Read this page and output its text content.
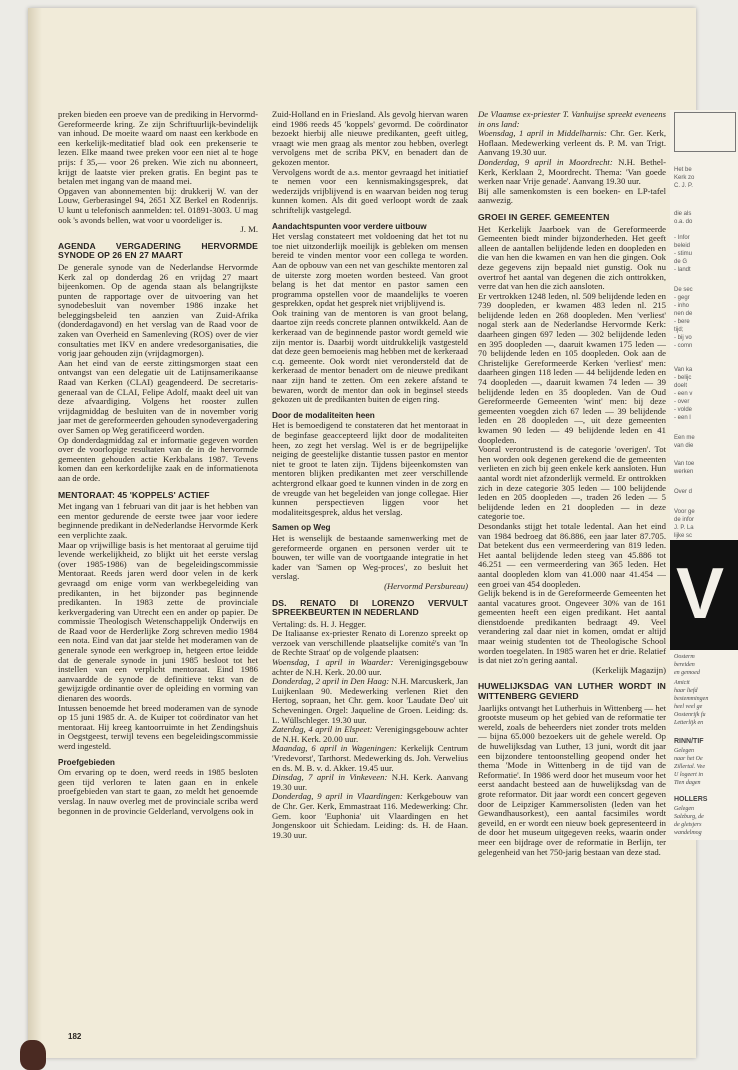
preken bieden een proeve van de prediking in Hervormd-Gereformeerde kring. Ze zijn Schriftuurlijk-bevindelijk van inhoud. De moeite waard om naast een kerkbode en een kerkelijk-meditatief blad ook een prekenserie te lezen. Elke maand twee preken voor een niet al te hoge prijs: f 35,— voor 26 preken. Wie zich nu abonneert, krijgt de laatste vier preken gratis. En begint pas te betalen met ingang van de maand mei.

Opgaven van abonnementen bij: drukkerij W. van der Louw, Gerberasingel 94, 2651 XZ Berkel en Rodenrijs. U kunt u telefonisch aanmelden: tel. 01891-3003. U mag ook 's avonds bellen, wat voor u voordeliger is.

J. M.

AGENDA VERGADERING HERVORMDE SYNODE OP 26 EN 27 MAART

De generale synode van de Nederlandse Hervormde Kerk zal op donderdag 26 en vrijdag 27 maart bijeenkomen. Op de agenda staan als belangrijkste punten de rapportage over de uitvoering van het synodebesluit van november 1986 inzake het beleggingsbeleid ten aanzien van Zuid-Afrika (donderdagavond) en het verslag van de Raad voor de zaken van Overheid en Samenleving (ROS) over de vier consultaties met IKV en andere vredesorganisaties, die vorig jaar gehouden zijn (vrijdagmorgen).

Aan het eind van de eerste zittingsmorgen staat een ontvangst van een delegatie uit de Latijnsamerikaanse Raad van Kerken (CLAI) geagendeerd. De secretaris-generaal van de CLAI, Felipe Adolf, maakt deel uit van deze afvaardiging. Volgens het rooster zullen vrijdagmiddag de besluiten van de in november vorig jaar met de gereformeerden gehouden synodevergadering over Samen op Weg geratificeerd worden.

Op donderdagmiddag zal er informatie gegeven worden over de voorlopige resultaten van de in de hervormde gemeenten gehouden actie Kerkbalans 1987. Tevens komen dan een kerkordelijke zaak en de informatienota aan de orde.

MENTORAAT: 45 'KOPPELS' ACTIEF

Met ingang van 1 februari van dit jaar is het hebben van een mentor gedurende de eerste twee jaar voor iedere beginnende predikant in deNederlandse Hervormde Kerk een verplichte zaak.

Maar op vrijwillige basis is het mentoraat al geruime tijd levende werkelijkheid, zo blijkt uit het eerste verslag (over 1985-1986) van de begeleidingscommissie Mentoraat. Reeds jaren werd door velen in de kerk gevraagd om enige vorm van werkbegeleiding van predikanten, in het bijzonder pas beginnende predikanten. In 1983 zette de provinciale kerkvergadering van Utrecht een en ander op papier. De commissie Theologisch Wetenschappelijk Onderwijs en de Raad voor de Herderlijke Zorg schreven medio 1984 een nota. Eind van dat jaar stelde het moderamen van de generale synode een werkgroep in, hetgeen ertoe leidde dat de generale synode in juni 1985 besloot tot het instellen van een verplicht mentoraat. Eind 1986 aanvaardde de synode de definitieve tekst van de gewijzigde ordinantie over de opleiding en vorming van dienaren des woords.

Intussen benoemde het breed moderamen van de synode op 15 juni 1985 dr. A. de Kuiper tot coördinator van het mentoraat. Hij kreeg kantoorruimte in het Zendingshuis in Oegstgeest, terwijl tevens een begeleidingscommissie werd ingesteld.

Proefgebieden

Om ervaring op te doen, werd reeds in 1985 besloten geen tijd verloren te laten gaan en in enkele proefgebieden van start te gaan, zo meldt het genoemde verslag. In nauw overleg met de provinciale scriba werd begonnen in de provincie Gelderland, vervolgens ook in

Zuid-Holland en in Friesland. Als gevolg hiervan waren eind 1986 reeds 45 'koppels' gevormd. De coördinator bezoekt hierbij alle nieuwe predikanten, geeft uitleg, vraagt wie men graag als mentor zou hebben, overlegt vervolgens met de scriba PKV, en benadert dan de gekozen mentor.

Vervolgens wordt de a.s. mentor gevraagd het initiatief te nemen voor een kennismakingsgesprek, dat wederzijds vrijblijvend is en waarvan beiden nog terug kunnen komen. Als dit goed verloopt wordt de zaak schriftelijk vastgelegd.

Aandachtspunten voor verdere uitbouw

Het verslag constateert met voldoening dat het tot nu toe niet uitzonderlijk moeilijk is gebleken om mensen bereid te vinden mentor voor een collega te worden. Aan de opbouw van een net van geschikte mentoren zal de uiterste zorg moeten worden besteed. Van groot belang is het dat mentor en pastor samen een programma opstellen voor de maandelijks te voeren gesprekken, opdat het gesprek niet vrijblijvend is.

Ook training van de mentoren is van groot belang, daartoe zijn reeds concrete plannen ontwikkeld. Aan de kerkeraad van de beginnende pastor wordt gemeld wie zijn mentor is. Daarbij wordt uitdrukkelijk vastgesteld dat deze geen bemoeienis mag hebben met de kerkeraad c.q. gemeente. Ook wordt niet verondersteld dat de kerkeraad de mentor benadert om de nieuwe predikant naar zijn hand te zetten. Om een zekere afstand te bewaren, wordt de mentor dan ook in beginsel steeds gekozen uit de predikanten buiten de eigen ring.

Door de modaliteiten heen

Het is bemoedigend te constateren dat het mentoraat in de beginfase geaccepteerd lijkt door de modaliteiten heen, zo zegt het verslag. Wel is er de begrijpelijke neiging de geestelijke distantie tussen pastor en mentor niet te groot te laten zijn. Tijdens bijeenkomsten van mentoren blijken predikanten met zeer verschillende achtergrond elkaar goed te kunnen vinden in de zorg en de vreugde van het begeleiden van jonge collegae. Hier kunnen perspectieven liggen voor het modaliteitsgesprek, aldus het verslag.

Samen op Weg

Het is wenselijk de bestaande samenwerking met de gereformeerde organen en personen verder uit te bouwen, ter wille van de voortgaande integratie in het kader van 'Samen op Weg-proces', zo besluit het verslag.

(Hervormd Persbureau)

DS. RENATO DI LORENZO VERVULT SPREEKBEURTEN IN NEDERLAND

Vertaling: ds. H. J. Hegger.

De Italiaanse ex-priester Renato di Lorenzo spreekt op verzoek van verschillende plaatselijke comité's van 'In de Rechte Straat' op de volgende plaatsen:

Woensdag, 1 april in Waarder: Verenigingsgebouw achter de N.H. Kerk. 20.00 uur.

Donderdag, 2 april in Den Haag: N.H. Marcuskerk, Jan Luijkenlaan 90. Medewerking verlenen Riet den Hertog, sopraan, het Chr. gem. koor 'Laudate Deo' uit Scheveningen. Orgel: Jaqueline de Groen. Leiding: ds. L. Wüllschleger. 19.30 uur.

Zaterdag, 4 april in Elspeet: Verenigingsgebouw achter de N.H. Kerk. 20.00 uur.

Maandag, 6 april in Wageningen: Kerkelijk Centrum 'Vredevorst', Tarthorst. Medewerking ds. Joh. Verwelius en ds. M. B. v. d. Akker. 19.45 uur.

Dinsdag, 7 april in Vinkeveen: N.H. Kerk. Aanvang 19.30 uur.

Donderdag, 9 april in Vlaardingen: Kerkgebouw van de Chr. Ger. Kerk, Emmastraat 116. Medewerking: Chr. Gem. koor 'Euphonia' uit Vlaardingen en het Jongenskoor uit Schiedam. Leiding: ds. H. de Haan. 19.30 uur.

De Vlaamse ex-priester T. Vanhuijse spreekt eveneens in ons land:

Woensdag, 1 april in Middelharnis: Chr. Ger. Kerk, Hoflaan. Medewerking verleent ds. P. M. van Trigt. Aanvang 19.30 uur.

Donderdag, 9 april in Moordrecht: N.H. Bethel-Kerk, Kerklaan 2, Moordrecht. Thema: 'Van goede werken naar Vrije genade'. Aanvang 19.30 uur.

Bij alle samenkomsten is een boeken- en LP-tafel aanwezig.

GROEI IN GEREF. GEMEENTEN

Het Kerkelijk Jaarboek van de Gereformeerde Gemeenten biedt minder bijzonderheden. Het geeft alleen de aantallen belijdende leden en doopleden en die van hen die kwamen en van hen die gingen. Ook deze gegevens zijn bepaald niet gunstig. Ook nu overtrof het aantal van degenen die zich onttrokken, verre dat van hen die zich aansloten.

Er vertrokken 1248 leden, nl. 509 belijdende leden en 739 doopleden, er kwamen 483 leden nl. 215 belijdende leden en 268 doopleden. Men 'verliest' nogal sterk aan de Nederlandse Hervormde Kerk: daarheen gingen 697 leden — 302 belijdende leden en 395 doopleden —, daaruit kwamen 175 leden — 70 belijdende leden en 105 doopleden. Ook aan de Christelijke Gereformeerde Kerken 'verliest' men: daarheen gingen 118 leden — 44 belijdende leden en 74 doopleden —, daaruit kwamen 74 leden — 39 belijdende leden en 35 doopleden. Van de Oud Gereformeerde Gemeenten 'wint' men: bij deze gemeenten voegden zich 67 leden — 39 belijdende leden en 28 doopleden —, uit deze gemeenten kwamen 90 leden — 49 belijdende leden en 41 doopleden.

Vooral verontrustend is de categorie 'overigen'. Tot hen worden ook degenen gerekend die de gemeenten verlieten en zich bij geen enkele kerk aansloten. Hun aantal wordt niet afzonderlijk vermeld. Er onttrokken zich in deze categorie 305 leden — 100 belijdende leden en 205 doopleden —, traden 26 leden — 5 belijdende leden en 21 doopleden — in deze categorie toe.

Desondanks stijgt het totale ledental. Aan het eind van 1984 bedroeg dat 86.886, een jaar later 87.705. Dat betekent dus een vermeerdering van 819 leden. Het aantal belijdende leden steeg van 45.886 tot 46.251 — een vermeerdering van 365 leden. Het aantal doopleden klom van 41.000 naar 41.454 — een groei van 454 doopleden.

Gelijk bekend is in de Gereformeerde Gemeenten het aantal vacatures groot. Ongeveer 30% van de 161 gemeenten heeft een eigen predikant. Het aantal dienstdoende predikanten bedraagt 49. Veel verandering zal daar niet in komen, omdat er altijd maar weinig studenten tot de Theologische School worden toegelaten. In 1985 waren het er drie. Relatief is dat niet zo'n gering aantal.

(Kerkelijk Magazijn)

HUWELIJKSDAG VAN LUTHER WORDT IN WITTENBERG GEVIERD

Jaarlijks ontvangt het Lutherhuis in Wittenberg — het grootste museum op het gebied van de reformatie ter wereld, zoals de beheerders niet zonder trots melden — bijna 65.000 bezoekers uit de gehele wereld. Op de huwelijksdag van Luther, 13 juni, wordt dit jaar een bijzondere tentoonstelling geopend onder het thema 'Mode in Wittenberg in de tijd van de Reformatie'. In 1986 werd door het museum voor het eerst aandacht besteed aan de huwelijksdag van de grote reformator. Dit jaar wordt een concert gegeven door de Leipziger Kammersolisten (leden van het Gewandhausorkest), een aantal facsimiles wordt geveild, en er wordt een nieuw boek gepresenteerd in de door het museum uitgegeven reeks, waarin onder meer een bijdrage over de reformatie in Berlijn, ter gelegenheid van het 750-jarig bestaan van deze stad.

182
Het be
Kerk zo
C. J. P.
die als
o.a. do
- Infor
beleid
- stimu
de G
- landt
De sec
- gegr
- inho
nen de
- bere
tijd;
- bij vo
- comn
Van ka
- belijc
doelt
- een v
- over
- volde
- een l
Een me
van die
Van toe
werken
Over d
Voor ge
de infor
J. P. La
lijke sc
V
Oosterm
bereiden
en gemoed
Amicit
haar liefd
bestemmingen
heel veel ge
Oostenrijk fu
Letterlijk en
RINN/TIF
Gelegen
naar het Oe
Zillertal. Vee
U logeert in
Tien dagen
HOLLERS
Gelegen
Salzburg, de
de gletsjers
wandelmog
